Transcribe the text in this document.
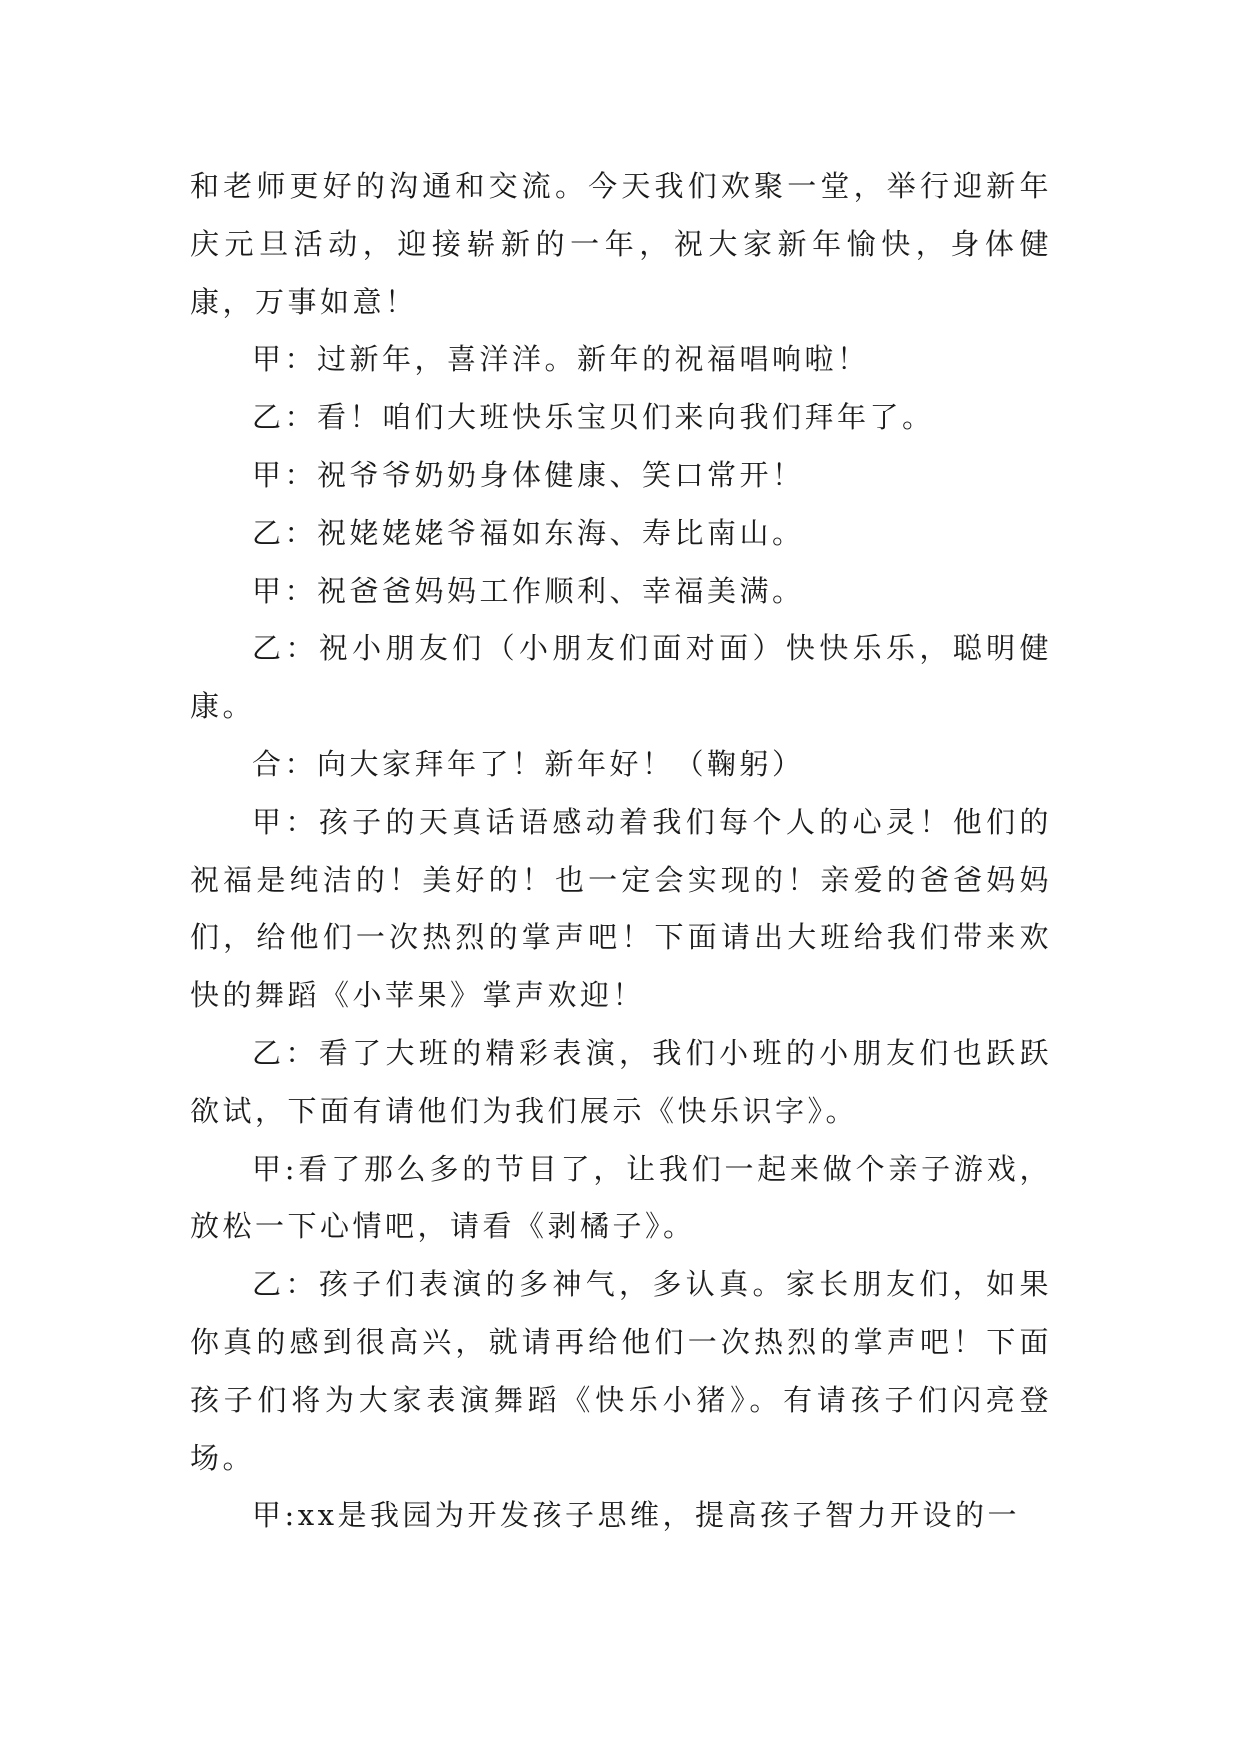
和老师更好的沟通和交流。今天我们欢聚一堂，举行迎新年庆元旦活动，迎接崭新的一年，祝大家新年愉快，身体健康，万事如意！

甲：过新年，喜洋洋。新年的祝福唱响啦！

乙：看！咱们大班快乐宝贝们来向我们拜年了。

甲：祝爷爷奶奶身体健康、笑口常开！

乙：祝姥姥姥爷福如东海、寿比南山。

甲：祝爸爸妈妈工作顺利、幸福美满。

乙：祝小朋友们（小朋友们面对面）快快乐乐，聪明健康。

合：向大家拜年了！新年好！（鞠躬）

甲：孩子的天真话语感动着我们每个人的心灵！他们的祝福是纯洁的！美好的！也一定会实现的！亲爱的爸爸妈妈们，给他们一次热烈的掌声吧！下面请出大班给我们带来欢快的舞蹈《小苹果》掌声欢迎！

乙：看了大班的精彩表演，我们小班的小朋友们也跃跃欲试，下面有请他们为我们展示《快乐识字》。

甲:看了那么多的节目了，让我们一起来做个亲子游戏，放松一下心情吧，请看《剥橘子》。

乙：孩子们表演的多神气，多认真。家长朋友们，如果你真的感到很高兴，就请再给他们一次热烈的掌声吧！下面孩子们将为大家表演舞蹈《快乐小猪》。有请孩子们闪亮登场。

甲:xx是我园为开发孩子思维，提高孩子智力开设的一
